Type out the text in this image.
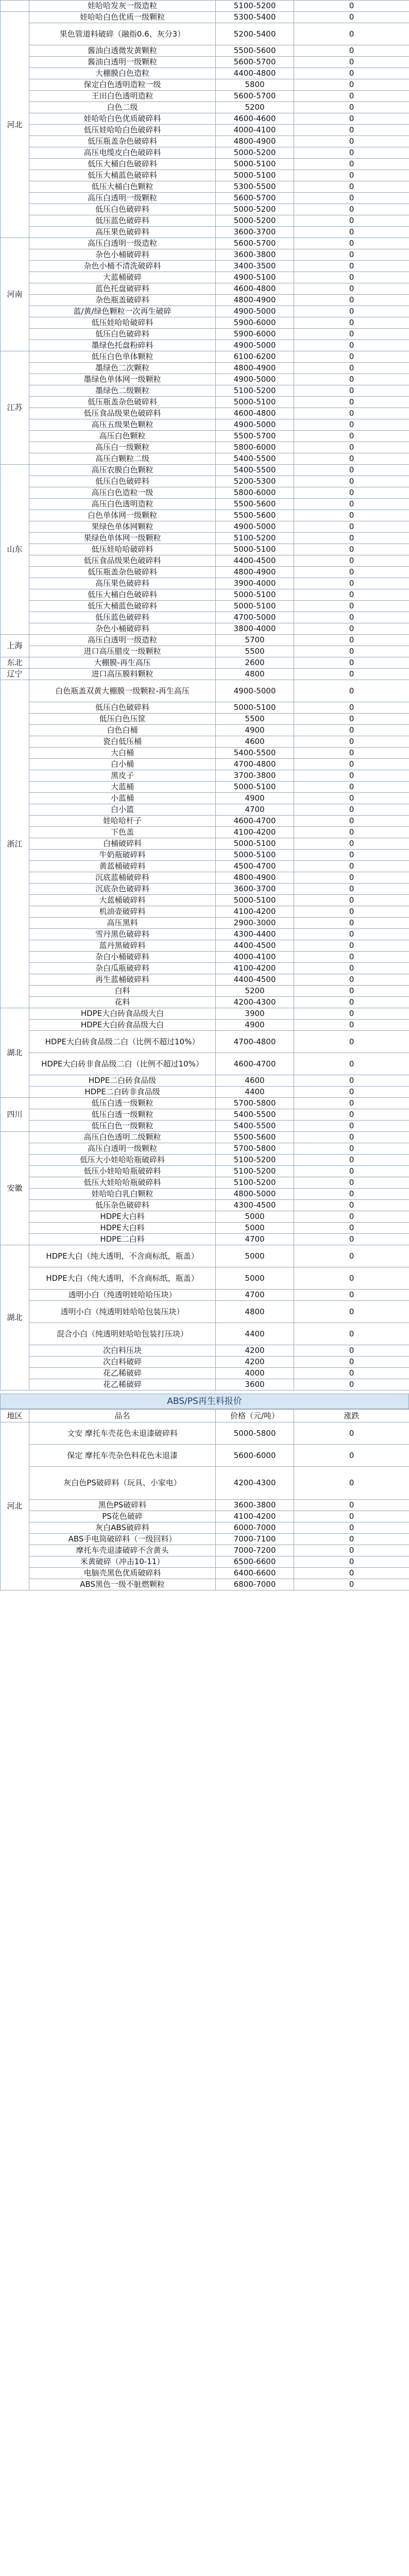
	娃哈哈发灰一级造粒	5100-5200	0
河北	娃哈哈白色优质一级颗粒	5300-5400	0
	果色管道料破碎（融指0.6、灰分3）	5200-5400	0
	酱油白透微发黄颗粒	5500-5600	0
	酱油白透明一级颗粒	5600-5700	0
	大棚膜白色造粒	4400-4800	0
	保定白色透明造粒一级	5800	0
	王田白色透明造粒	5600-5700	0
	白色二级	5200	0
	娃哈哈白色优质破碎料	4600-4600	0
	低压娃哈哈白色破碎料	4000-4100	0
	低压瓶盖杂色破碎料	4800-4900	0
	高压电缆皮白色破碎料	5000-5200	0
	低压大桶白色破碎料	5000-5100	0
	低压大桶蓝色破碎料	5000-5100	0
	低压大桶白色颗粒	5300-5500	0
	高压白透明一级颗粒	5600-5700	0
	低压白色破碎料	5000-5200	0
	低压蓝色破碎料	5000-5200	0
	高压果色破碎料	3600-3700	0
河南	高压白透明一级造粒	5600-5700	0
	杂色小桶破碎料	3600-3800	0
	杂色小桶不清洗破碎料	3400-3500	0
	大蓝桶破碎	4900-5100	0
	蓝色托盘破碎料	4600-4800	0
	杂色瓶盖破碎料	4800-4900	0
	蓝/黄/绿色颗粒一次再生破碎	4900-5000	0
	低压娃哈哈破碎料	5900-6000	0
	低压白色破碎料	5900-6000	0
	墨绿色托盘粉碎料	4900-5000	0
江苏	低压白色单体颗粒	6100-6200	0
	墨绿色二次颗粒	4800-4900	0
	墨绿色单体网一级颗粒	4900-5000	0
	墨绿色二级颗粒	5100-5200	0
	低压瓶盖杂色破碎料	5000-5100	0
	低压食品级果色破碎料	4600-4800	0
	高压五级果色颗粒	4900-5000	0
	高压白色颗粒	5500-5700	0
	高压白一级颗粒	5800-6000	0
	高压白颗粒二级	5400-5500	0
山东	高压农膜白色颗粒	5400-5500	0
	低压白色破碎料	5200-5300	0
	高压白色造粒一级	5800-6000	0
	高压白色透明造粒	5500-5600	0
	白色单体网一级颗粒	5500-5600	0
	果绿色单体网颗粒	4900-5000	0
	果绿色单体网一级颗粒	5100-5200	0
	低压娃哈哈破碎料	5000-5100	0
	低压食品级果色破碎料	4400-4500	0
	低压瓶盖杂色破碎料	4800-4900	0
	高压果色破碎料	3900-4000	0
	低压大桶白色破碎料	5000-5100	0
	低压大桶蓝色破碎料	5000-5100	0
	低压蓝色破碎料	4700-5000	0
	杂色小桶破碎料	3800-4000	0
上海	高压白透明一级造粒	5700	0
	进口高压腊皮一级颗粒	5500	0
东北	大棚膜-再生高压	2600	0
辽宁	进口高压膜料颗粒	4800	0
浙江	白色瓶盖双黄大棚膜一级颗粒-再生高压	4900-5000	0
	低压白色破碎料	5000-5100	0
	低压白色压筐	5500	0
	白色白桶	4900	0
	瓷白低压桶	4600	0
	大白桶	5400-5500	0
	白小桶	4700-4800	0
	黑皮子	3700-3800	0
	大蓝桶	5000-5100	0
	小蓝桶	4900	0
	白小篮	4700	0
	娃哈哈杆子	4600-4700	0
	下色盖	4100-4200	0
	白桶破碎料	5000-5100	0
	牛奶瓶破碎料	5000-5100	0
	黄蓝桶破碎料	4500-4700	0
	沉底蓝桶破碎料	4800-4900	0
	沉底杂色破碎料	3600-3700	0
	大蓝桶破碎料	5000-5100	0
	机油壶破碎料	4100-4200	0
	高压黑料	2900-3000	0
	雪丹黑色破碎料	4300-4400	0
	蓝丹黑破碎料	4400-4500	0
	杂白小桶破碎料	4000-4100	0
	杂白瓜瓶破碎料	4100-4200	0
	再生蓝桶破碎料	4400-4500	0
	白料	5200	0
	花料	4200-4300	0
湖北	HDPE大白砖食品级大白	3900	0
	HDPE大白砖食品级大白	4900	0
	HDPE大白砖食品级二白（比例不超过10%）	4700-4800	0
	HDPE大白砖非食品级二白（比例不超过10%）	4600-4700	0
	HDPE二白砖食品级	4600	0
	HDPE二白砖非食品级	4400	0
四川	低压白透一级颗粒	5700-5800	0
	低压白透一级颗粒	5400-5500	0
	低压白色一级颗粒	5400-5500	0
安徽	高压白色透明二级颗粒	5500-5600	0
	高压白透明一级颗粒	5700-5800	0
	低压大小娃哈哈瓶破碎料	5100-5200	0
	低压小娃哈哈瓶破碎料	5100-5200	0
	低压大娃哈哈瓶破碎料	5100-5200	0
	娃哈哈白乳白颗粒	4800-5000	0
	低压杂色破碎料	4300-4500	0
	HDPE大白料	5000	0
	HDPE大白料	5000	0
	HDPE二白料	4700	0
湖北	HDPE大白（纯大透明，不含商标纸，瓶盖）	5000	0
	HDPE大白（纯大透明，不含商标纸，瓶盖）	5000	0
	透明小白（纯透明娃哈哈压块）	4700	0
	透明小白（纯透明娃哈哈包装压块）	4800	0
	混合小白（纯透明娃哈哈包装打压块）	4400	0
	次白料压块	4200	0
	次白料破碎	4200	0
	花乙稀破碎	4000	0
	花乙稀破碎	3600	0
ABS/PS再生料报价
地区	品名	价格（元/吨）	涨跌
河北	文安 摩托车壳花色未退漆破碎料	5000-5800	0
	保定 摩托车壳杂色料花色未退漆	5600-6000	0
	灰白色PS破碎料（玩具、小家电）	4200-4300	0
	黑色PS破碎料	3600-3800	0
	PS花色破碎	4100-4200	0
	灰白ABS破碎料	6000-7000	0
	ABS手电筒破碎料（一级回料）	7000-7100	0
	摩托车壳退漆破碎不含黄头	7000-7200	0
	米黄破碎（冲击10-11）	6500-6600	0
	电脑壳黑色优质破碎料	6400-6600	0
	ABS黑色一级不脏燃颗粒	6800-7000	0
